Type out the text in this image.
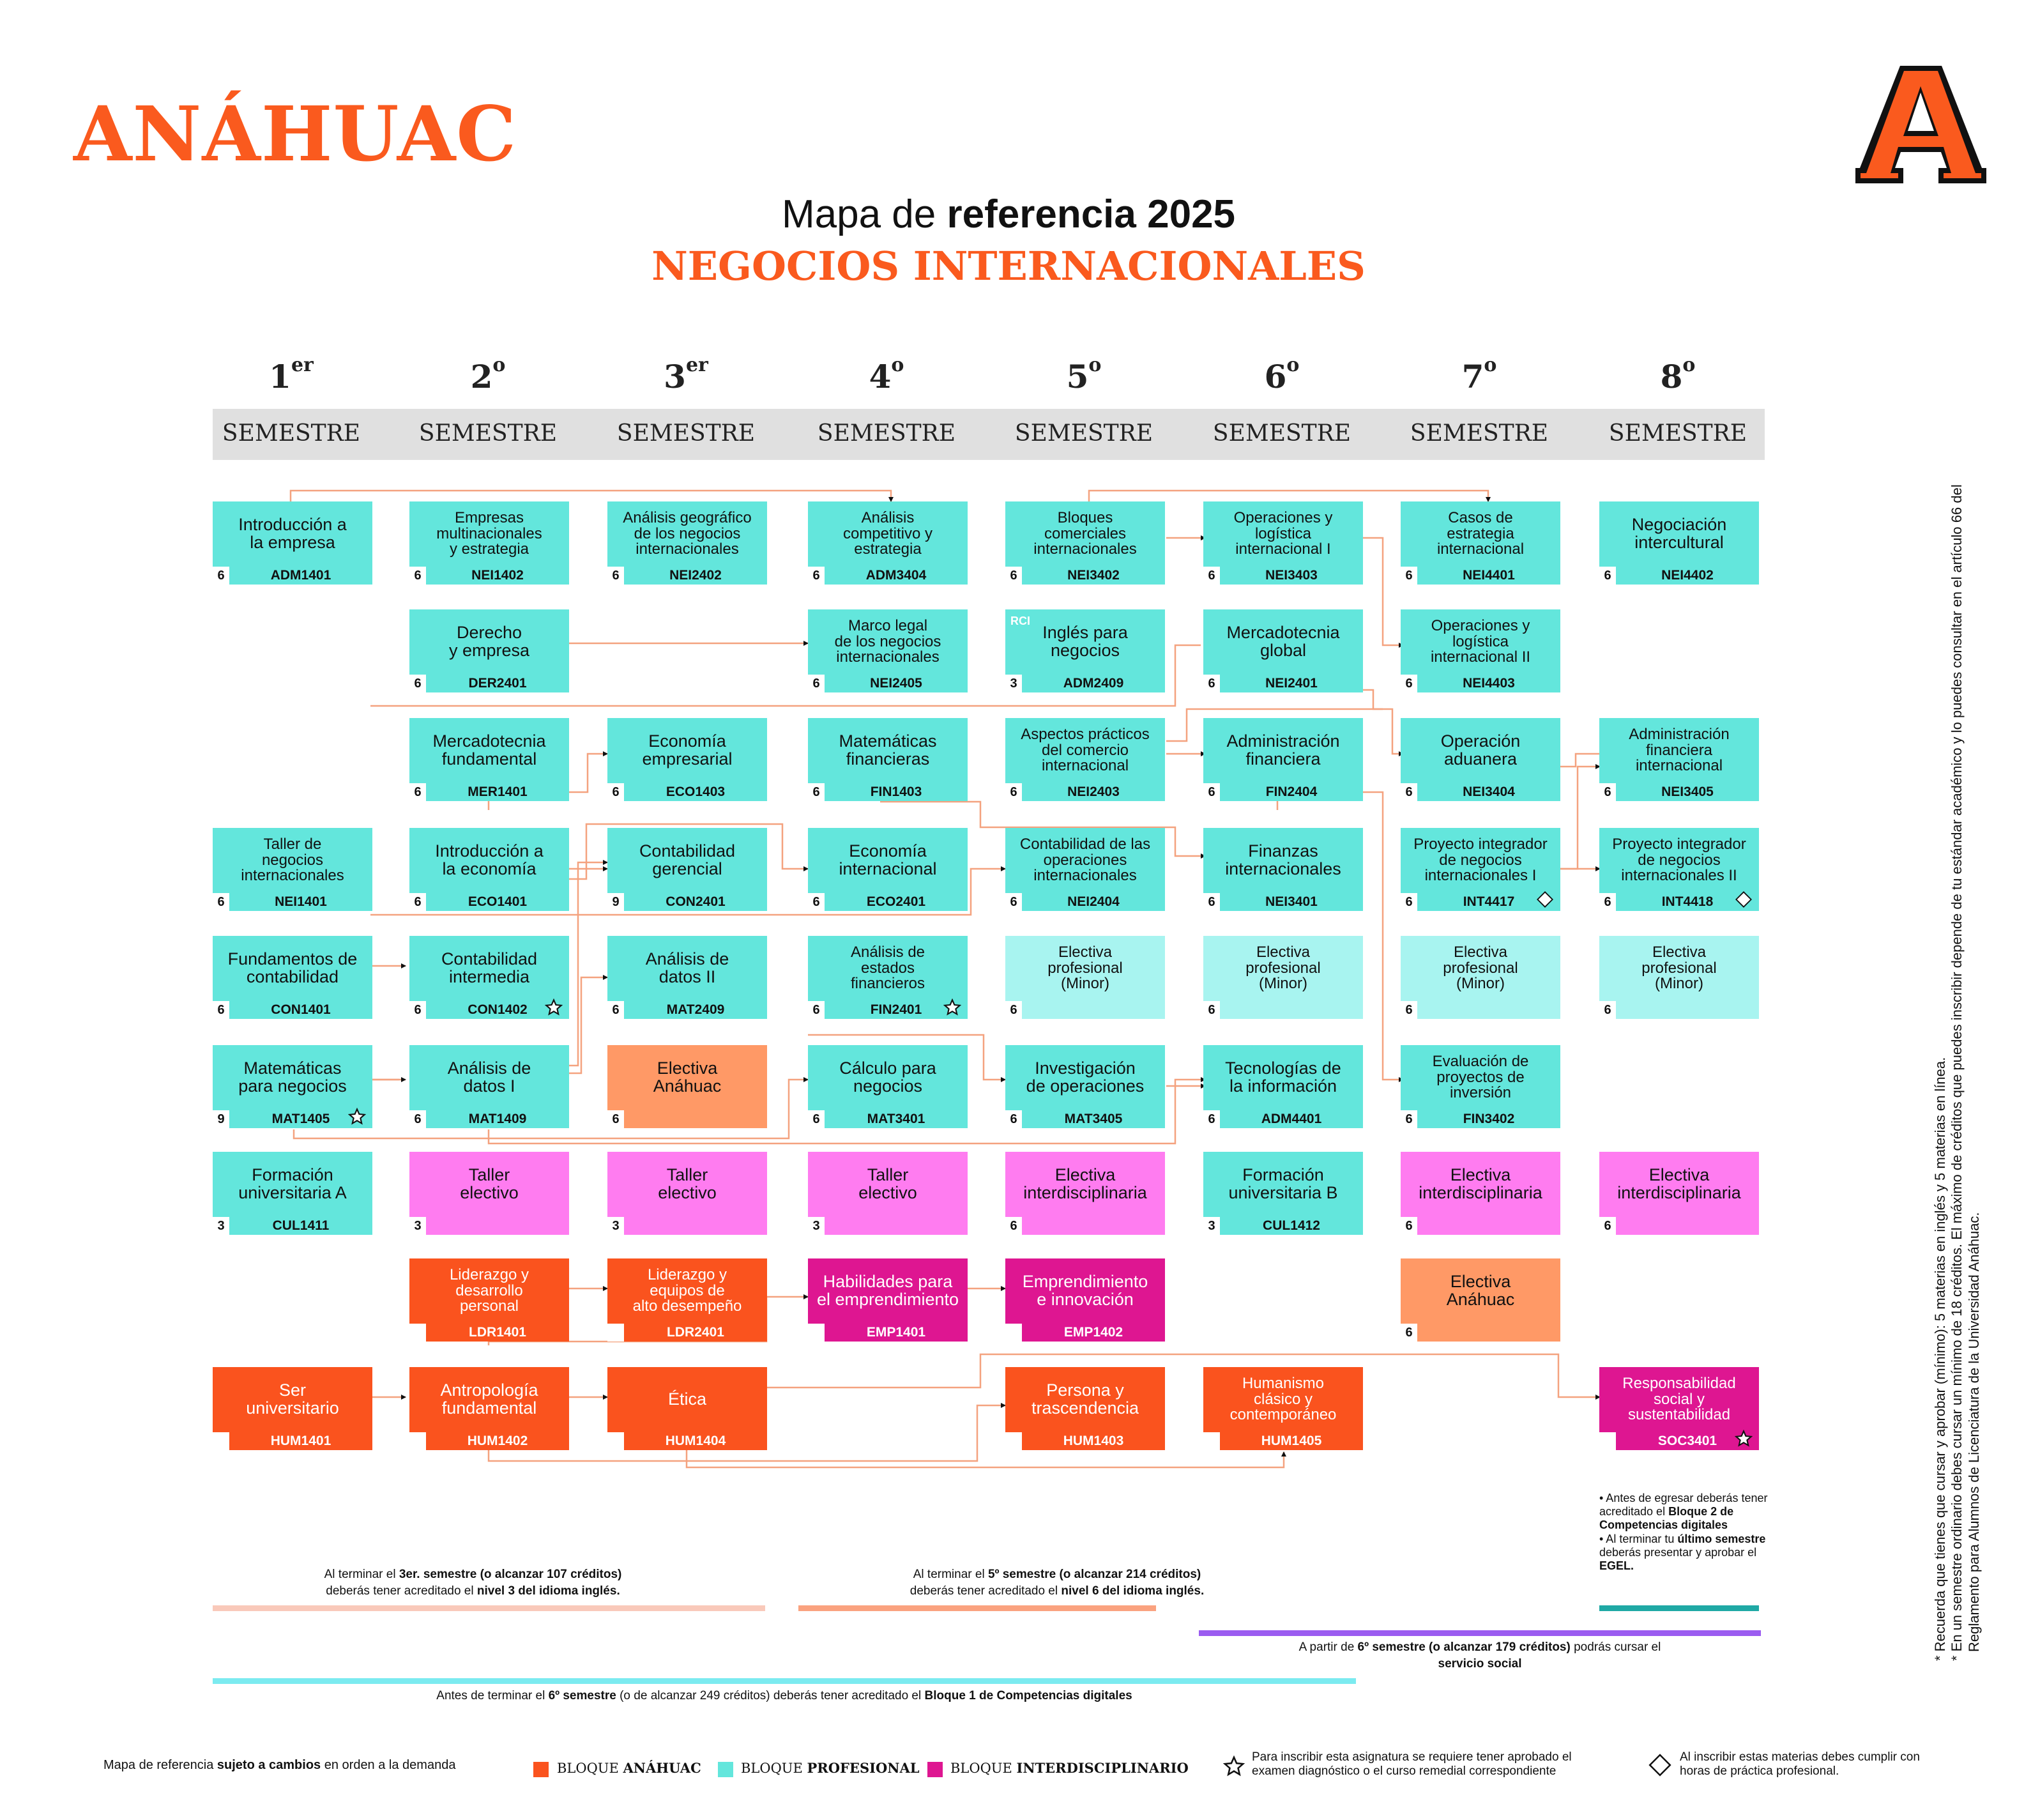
ANÁHUAC
Mapa de referencia 2025
NEGOCIOS INTERNACIONALES
1er
SEMESTRE
2$^o$
SEMESTRE
3er
SEMESTRE
4$^o$
SEMESTRE
5$^o$
SEMESTRE
6$^o$
SEMESTRE
7$^o$
SEMESTRE
8$^o$
SEMESTRE
Introducción a
la empresa
6	ADM1401
Taller de
negocios
internacionales
6	NEI1401
Fundamentos de
contabilidad
6	CON1401
Matemáticas
para negocios
9	MAT1405
Formación
universitaria A
3	CUL1411
Ser
universitario
6	HUM1401
Empresas
multinacionales
y estrategia
6	NEI1402
Derecho
y empresa
6	DER2401
Mercadotecnia
fundamental
6	MER1401
Introducción a
la economía
6	ECO1401
Contabilidad
intermedia
6	CON1402
Análisis de
datos I
6	MAT1409
Taller
electivo
3
Liderazgo y
desarrollo
personal
6	LDR1401
Antropología
fundamental
6	HUM1402
Análisis geográfico
de los negocios
internacionales
6	NEI2402
Economía
empresarial
6	ECO1403
Contabilidad
gerencial
9	CON2401
Análisis de
datos II
6	MAT2409
Electiva
Anáhuac
6
Taller
electivo
3
Liderazgo y
equipos de
alto desempeño
3	LDR2401
Ética
9	HUM1404
Análisis
competitivo y
estrategia
6	ADM3404
Marco legal
de los negocios
internacionales
6	NEI2405
Matemáticas
financieras
6	FIN1403
Economía
internacional
6	ECO2401
Análisis de
estados
financieros
6	FIN2401
Cálculo para
negocios
6	MAT3401
Taller
electivo
3
Habilidades para
el emprendimiento
3	EMP1401
Bloques
comerciales
internacionales
6	NEI3402
Inglés para
negocios
RCI
3	ADM2409
Aspectos prácticos
del comercio
internacional
6	NEI2403
Contabilidad de las
operaciones
internacionales
6	NEI2404
Electiva
profesional
(Minor)
6
Investigación
de operaciones
6	MAT3405
Electiva
interdisciplinaria
6
Emprendimiento
e innovación
6	EMP1402
Persona y
trascendencia
6	HUM1403
Operaciones y
logística
internacional I
6	NEI3403
Mercadotecnia
global
6	NEI2401
Administración
financiera
6	FIN2404
Finanzas
internacionales
6	NEI3401
Electiva
profesional
(Minor)
6
Tecnologías de
la información
6	ADM4401
Formación
universitaria B
3	CUL1412
Humanismo
clásico y
contemporáneo
6	HUM1405
Casos de
estrategia
internacional
6	NEI4401
Operaciones y
logística
internacional II
6	NEI4403
Operación
aduanera
6	NEI3404
Proyecto integrador
de negocios
internacionales I
6	INT4417
Electiva
profesional
(Minor)
6
Evaluación de
proyectos de
inversión
6	FIN3402
Electiva
interdisciplinaria
6
Electiva
Anáhuac
6
Negociación
intercultural
6	NEI4402
Administración
financiera
internacional
6	NEI3405
Proyecto integrador
de negocios
internacionales II
6	INT4418
Electiva
profesional
(Minor)
6
Electiva
interdisciplinaria
6
Responsabilidad
social y
sustentabilidad
6	SOC3401
Al terminar el 3er. semestre (o alcanzar 107 créditos)
deberás tener acreditado el nivel 3 del idioma inglés.
Al terminar el 5º semestre (o alcanzar 214 créditos)
deberás tener acreditado el nivel 6 del idioma inglés.
A partir de 6º semestre (o alcanzar 179 créditos) podrás cursar el
servicio social
Antes de terminar el 6º semestre (o de alcanzar 249 créditos) deberás tener acreditado el Bloque 1 de Competencias digitales
• Antes de egresar deberás tener acreditado el Bloque 2 de Competencias digitales
• Al terminar tu último semestre deberás presentar y aprobar el EGEL.	* Recuerda que tienes que cursar y aprobar (mínimo): 5 materias en inglés y 5 materias en línea. * En un semestre ordinario debes cursar un mínimo de 18 créditos. El máximo de créditos que puedes inscribir depende de tu estándar académico y lo puedes consultar en el artículo 66 del Reglamento para Alumnos de Licenciatura de la Universidad Anáhuac.
Mapa de referencia sujeto a cambios en orden a la demanda	BLOQUE ANÁHUAC	BLOQUE PROFESIONAL BLOQUE INTERDISCIPLINARIO
Para inscribir esta asignatura se requiere tener aprobado el examen diagnóstico o el curso remedial correspondiente
Al inscribir estas materias debes cumplir con horas de práctica profesional.
